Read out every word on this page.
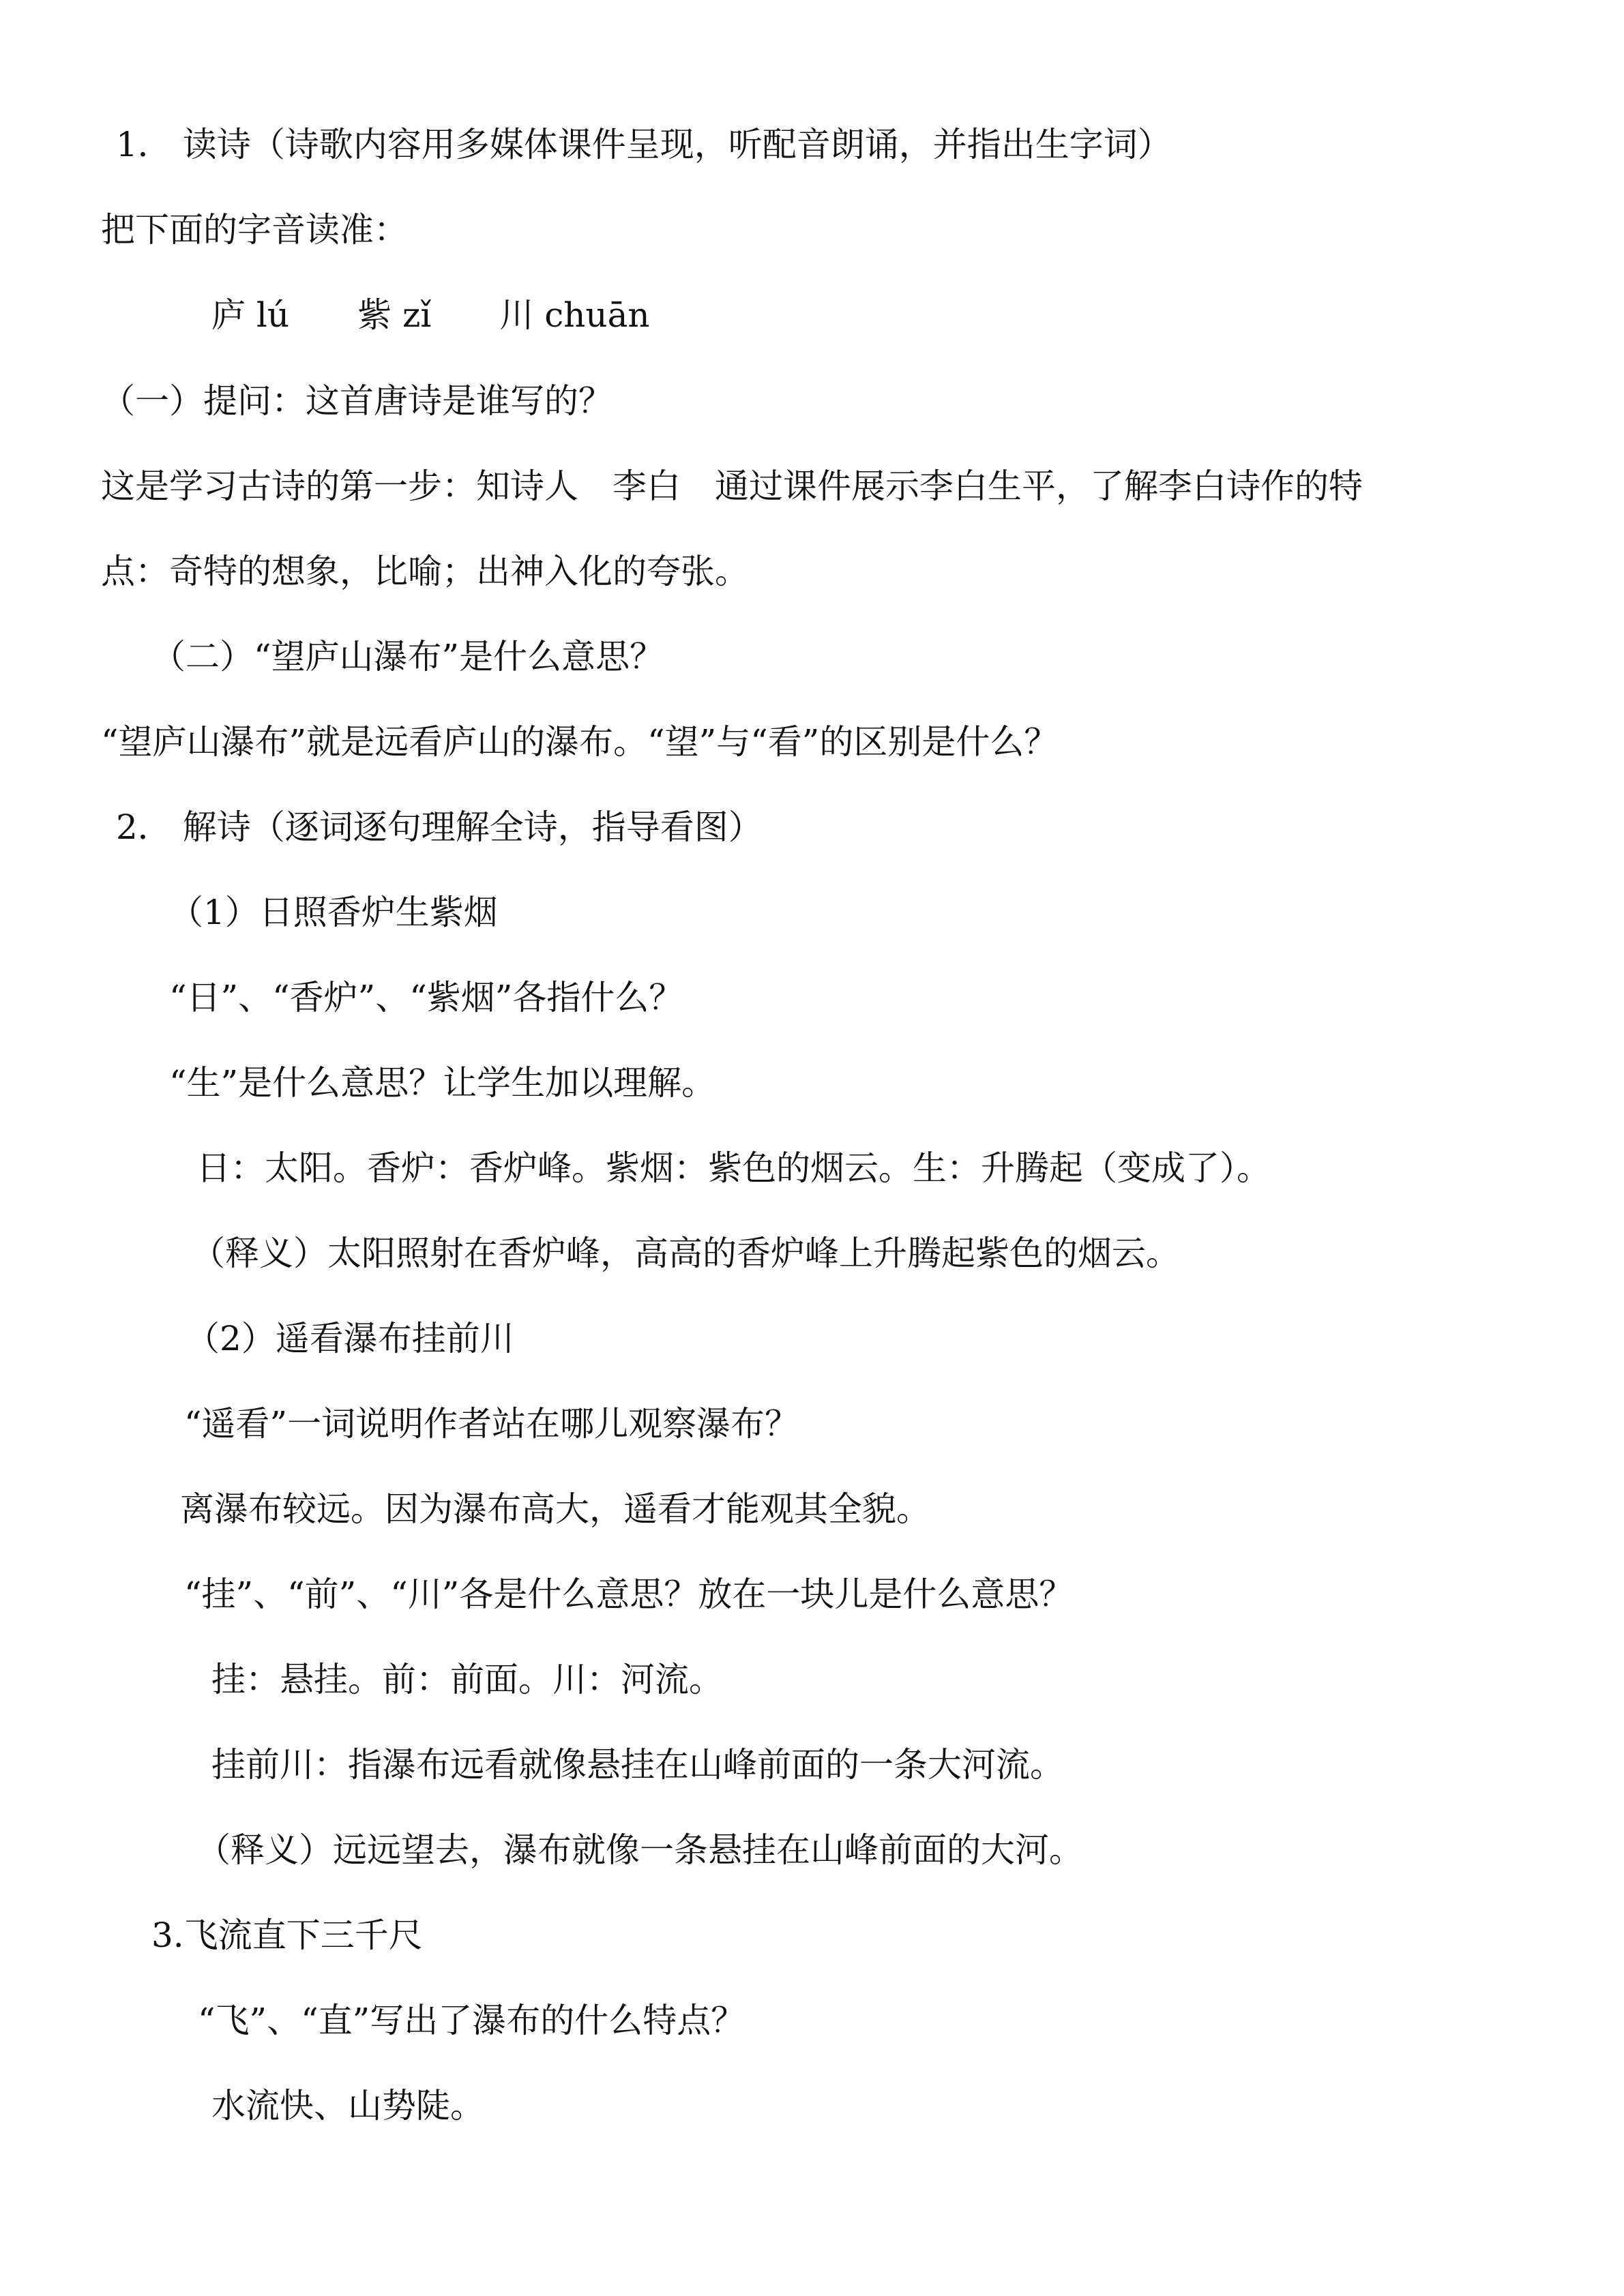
1． 读诗（诗歌内容用多媒体课件呈现，听配音朗诵，并指出生字词）
把下面的字音读准：
庐 lú　　紫 zǐ　　川 chuān
（一）提问：这首唐诗是谁写的？
这是学习古诗的第一步：知诗人　李白　通过课件展示李白生平，了解李白诗作的特
点：奇特的想象，比喻；出神入化的夸张。
（二）“望庐山瀑布”是什么意思？
“望庐山瀑布”就是远看庐山的瀑布。“望”与“看”的区别是什么？
2． 解诗（逐词逐句理解全诗，指导看图）
（1）日照香炉生紫烟
“日”、“香炉”、“紫烟”各指什么？
“生”是什么意思？让学生加以理解。
日：太阳。香炉：香炉峰。紫烟：紫色的烟云。生：升腾起（变成了）。
（释义）太阳照射在香炉峰，高高的香炉峰上升腾起紫色的烟云。
（2）遥看瀑布挂前川
“遥看”一词说明作者站在哪儿观察瀑布？
离瀑布较远。因为瀑布高大，遥看才能观其全貌。
“挂”、“前”、“川”各是什么意思？放在一块儿是什么意思？
挂：悬挂。前：前面。川：河流。
挂前川：指瀑布远看就像悬挂在山峰前面的一条大河流。
（释义）远远望去，瀑布就像一条悬挂在山峰前面的大河。
3.飞流直下三千尺
“飞”、“直”写出了瀑布的什么特点？
水流快、山势陡。
